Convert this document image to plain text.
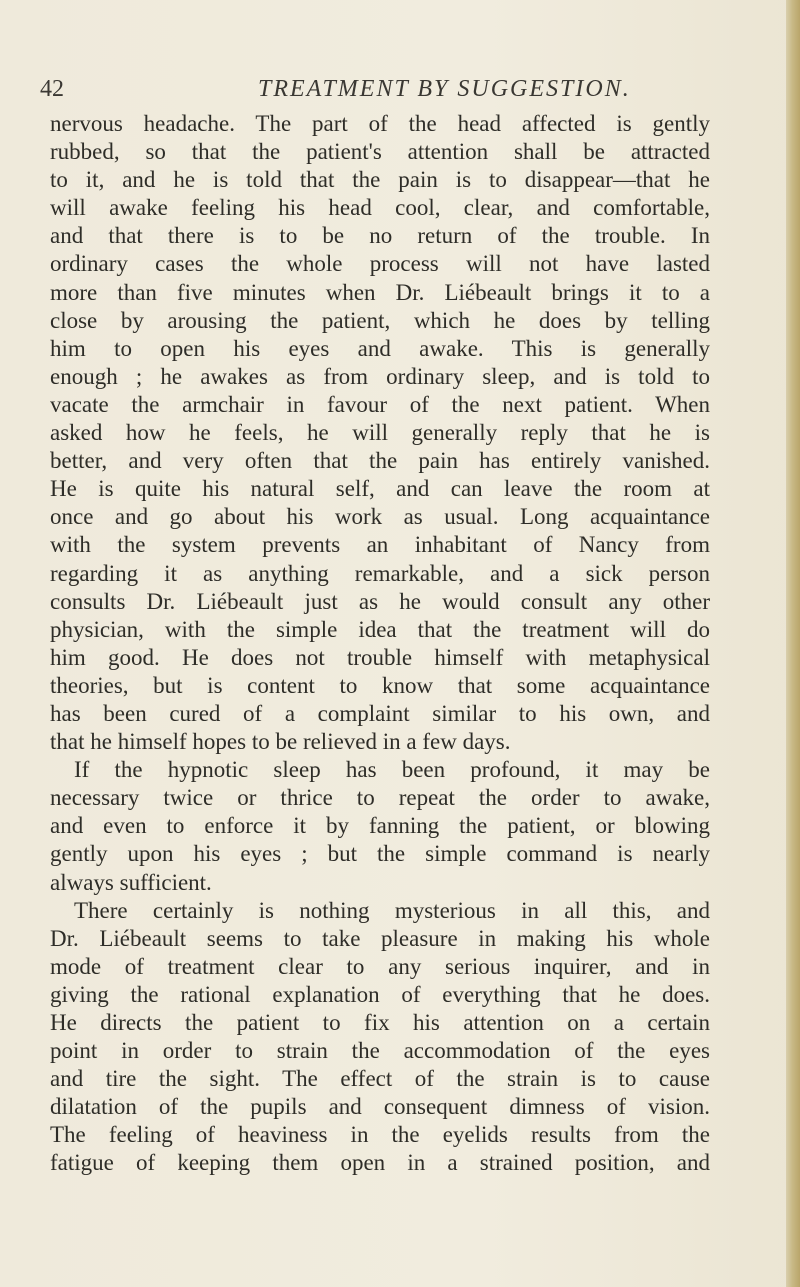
42	TREATMENT BY SUGGESTION.
nervous headache. The part of the head affected is gently
rubbed, so that the patient's attention shall be attracted
to it, and he is told that the pain is to disappear—that he
will awake feeling his head cool, clear, and comfortable,
and that there is to be no return of the trouble. In
ordinary cases the whole process will not have lasted
more than five minutes when Dr. Liébeault brings it to a
close by arousing the patient, which he does by telling
him to open his eyes and awake. This is generally
enough ; he awakes as from ordinary sleep, and is told to
vacate the armchair in favour of the next patient. When
asked how he feels, he will generally reply that he is
better, and very often that the pain has entirely vanished.
He is quite his natural self, and can leave the room at
once and go about his work as usual. Long acquaintance
with the system prevents an inhabitant of Nancy from
regarding it as anything remarkable, and a sick person
consults Dr. Liébeault just as he would consult any other
physician, with the simple idea that the treatment will do
him good. He does not trouble himself with metaphysical
theories, but is content to know that some acquaintance
has been cured of a complaint similar to his own, and
that he himself hopes to be relieved in a few days.
If the hypnotic sleep has been profound, it may be
necessary twice or thrice to repeat the order to awake,
and even to enforce it by fanning the patient, or blowing
gently upon his eyes ; but the simple command is nearly
always sufficient.
There certainly is nothing mysterious in all this, and
Dr. Liébeault seems to take pleasure in making his whole
mode of treatment clear to any serious inquirer, and in
giving the rational explanation of everything that he does.
He directs the patient to fix his attention on a certain
point in order to strain the accommodation of the eyes
and tire the sight. The effect of the strain is to cause
dilatation of the pupils and consequent dimness of vision.
The feeling of heaviness in the eyelids results from the
fatigue of keeping them open in a strained position, and
